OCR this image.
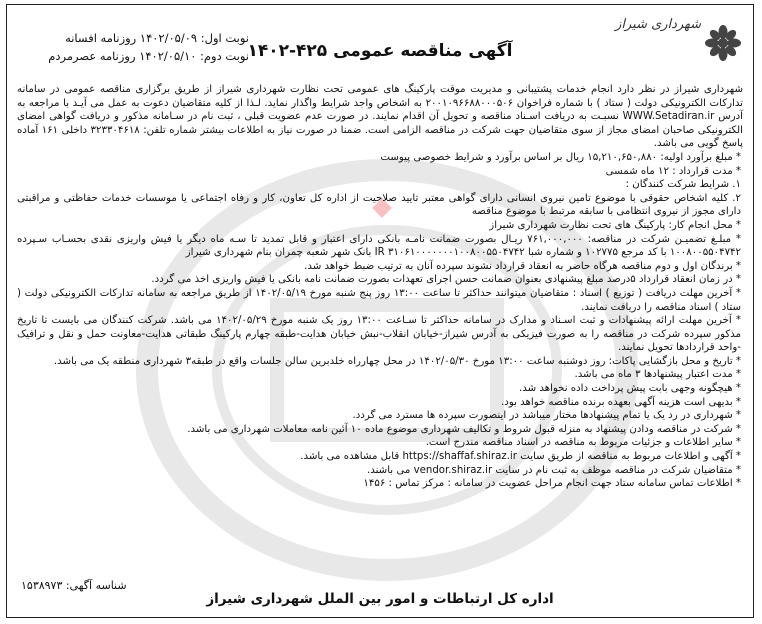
شهرداری شیراز
آگهی مناقصه عمومی ۴۲۵-۱۴۰۲
نوبت اول: ۱۴۰۲/۰۵/۰۹ روزنامه افسانه
نوبت دوم: ۱۴۰۲/۰۵/۱۰ روزنامه عصرمردم

شهرداری شیراز در نظر دارد انجام خدمات پشتیبانی و مدیریت موقت پارکینگ های عمومی تحت نظارت شهرداری شیراز از طریق برگزاری مناقصه عمومی در سامانه تدارکات الکترونیکی دولت ( ستاد ) با شماره فراخوان ۲۰۰۱۰۹۶۶۸۸۰۰۰۵۰۶ به اشخاص واجد شرایط واگذار نماید. لـذا از کلیه متقاضیان دعوت به عمل می آیـد با مراجعه به آدرس WWW.Setadiran.ir نسبـت به دریافت اسـناد مناقصه و تحویل آن اقدام نمایند. در صورت عدم عضویت قبلی ، ثبت نام در سـامانه مذکور و دریافت گواهی امضای الکترونیکی صاحبان امضای مجاز از سوی متقاضیان جهت شرکت در مناقصه الزامی است. ضمنا در صورت نیاز به اطلاعات بیشتر شماره تلفن: ۳۲۳۳۰۴۶۱۸ داخلی ۱۶۱ آماده پاسخ گویی می باشد.

* مبلغ برآورد اولیه: ۱۵,۲۱۰,۶۵۰,۸۸۰ ریال بر اساس برآورد و شرایط خصوصی پیوست

* مدت قرارداد : ۱۲ ماه شمسی

۱. شرایط شرکت کنندگان :

۲. کلیه اشخاص حقوقی با موضوع تامین نیروی انسانی دارای گواهی معتبر تایید صلاحیت از اداره کل تعاون، کار و رفاه اجتماعی یا موسسات خدمات حفاظتی و مراقبتی دارای مجوز از نیروی انتظامی با سابقه مرتبط با موضوع مناقصه

* محل انجام کار: پارکینگ های تحت نظارت شهرداری شیراز

* مبلـغ تضمیـن شرکت در مناقصه: ۷۶۱,۰۰۰,۰۰۰ ریـال بصورت ضمانت نامـه بانکی دارای اعتبار و قابل تمدید تا سـه ماه دیگر یا فیش واریزی نقدی بحسـاب سـپرده ۱۰۰۸۰۰۵۵۰۴۷۴۲ با کد مرجع ۱۰۲۷۷۵ و شماره شبا IR ۳۱۰۶۱۰۰۰۰۰۰۰۱۰۰۸۰۰۵۵۰۴۷۴۲ بانک شهر شعبه چمران بنام شهرداری شیراز

* برندگان اول و دوم مناقصه هرگاه حاضر به انعقاد قرارداد نشوند سپرده آنان به ترتیب ضبط خواهد شد.

* در زمان انعقاد قرارداد ۵درصد مبلغ پیشنهادی بعنوان ضمانت حسن اجرای تعهدات بصورت ضمانت نامه بانکی یا فیش واریزی اخذ می گردد.

* آخرین مهلت دریافت ( توزیع ) اسناد : متقاضیان میتوانند حداکثر تا ساعت ۱۳:۰۰ روز پنج شنبه مورخ ۱۴۰۲/۰۵/۱۹ از طریق مراجعه به سامانه تدارکات الکترونیکی دولت ( ستاد ) اسناد مناقصه را دریافت نمایند.

* آخرین مهلت ارائه پیشنهادات و ثبت اسـناد و مدارک در سامانه حداکثر تا سـاعت ۱۳:۰۰ روز یک شنبه مورخ ۱۴۰۲/۰۵/۲۹ می باشد. شرکت کنندگان می بایست تا تاریخ مذکور سپرده شرکت در مناقصه را به صورت فیزیکی به آدرس شیراز-خیابان انقلاب-نبش خیابان هدایت-طبقه چهارم پارکینگ طبقاتی هدایت-معاونت حمل و نقل و ترافیک -واحد قراردادها تحویل نمایند.

* تاریخ و محل بازگشایی پاکات: روز دوشنبه ساعت ۱۳:۰۰ مورخ ۱۴۰۲/۰۵/۳۰ در محل چهارراه خلدبرین سالن جلسات واقع در طبقه۳ شهرداری منطقه یک می باشد.

* مدت اعتبار پیشنهادها ۳ ماه می باشد.

* هیچگونه وجهی بابت پیش پرداخت داده نخواهد شد.

* بدیهی است هزینه آگهی بعهده برنده مناقصه خواهد بود.

* شهرداری در رد یک یا تمام پیشنهادها مختار میباشد در اینصورت سپرده ها مسترد می گردد.

* شرکت در مناقصه ودادن پیشنهاد به منزله قبول شروط و تکالیف شهرداری موضوع ماده ۱۰ آئین نامه معاملات شهرداری می باشد.

* سایر اطلاعات و جزئیات مربوط به مناقصه در اسناد مناقصه مندرج است.

* آگهی و اطلاعات مربوط به مناقصه از طریق سایت https://shaffaf.shiraz.ir قابل مشاهده می باشد.

* متقاضیان شرکت در مناقصه موظف به ثبت نام در سایت vendor.shiraz.ir می باشند.

* اطلاعات تماس سامانه ستاد جهت انجام مراحل عضویت در سامانه : مرکز تماس : ۱۴۵۶

شناسه آگهی: ۱۵۳۸۹۷۳
اداره کل ارتباطات و امور بین الملل شهرداری شیراز
